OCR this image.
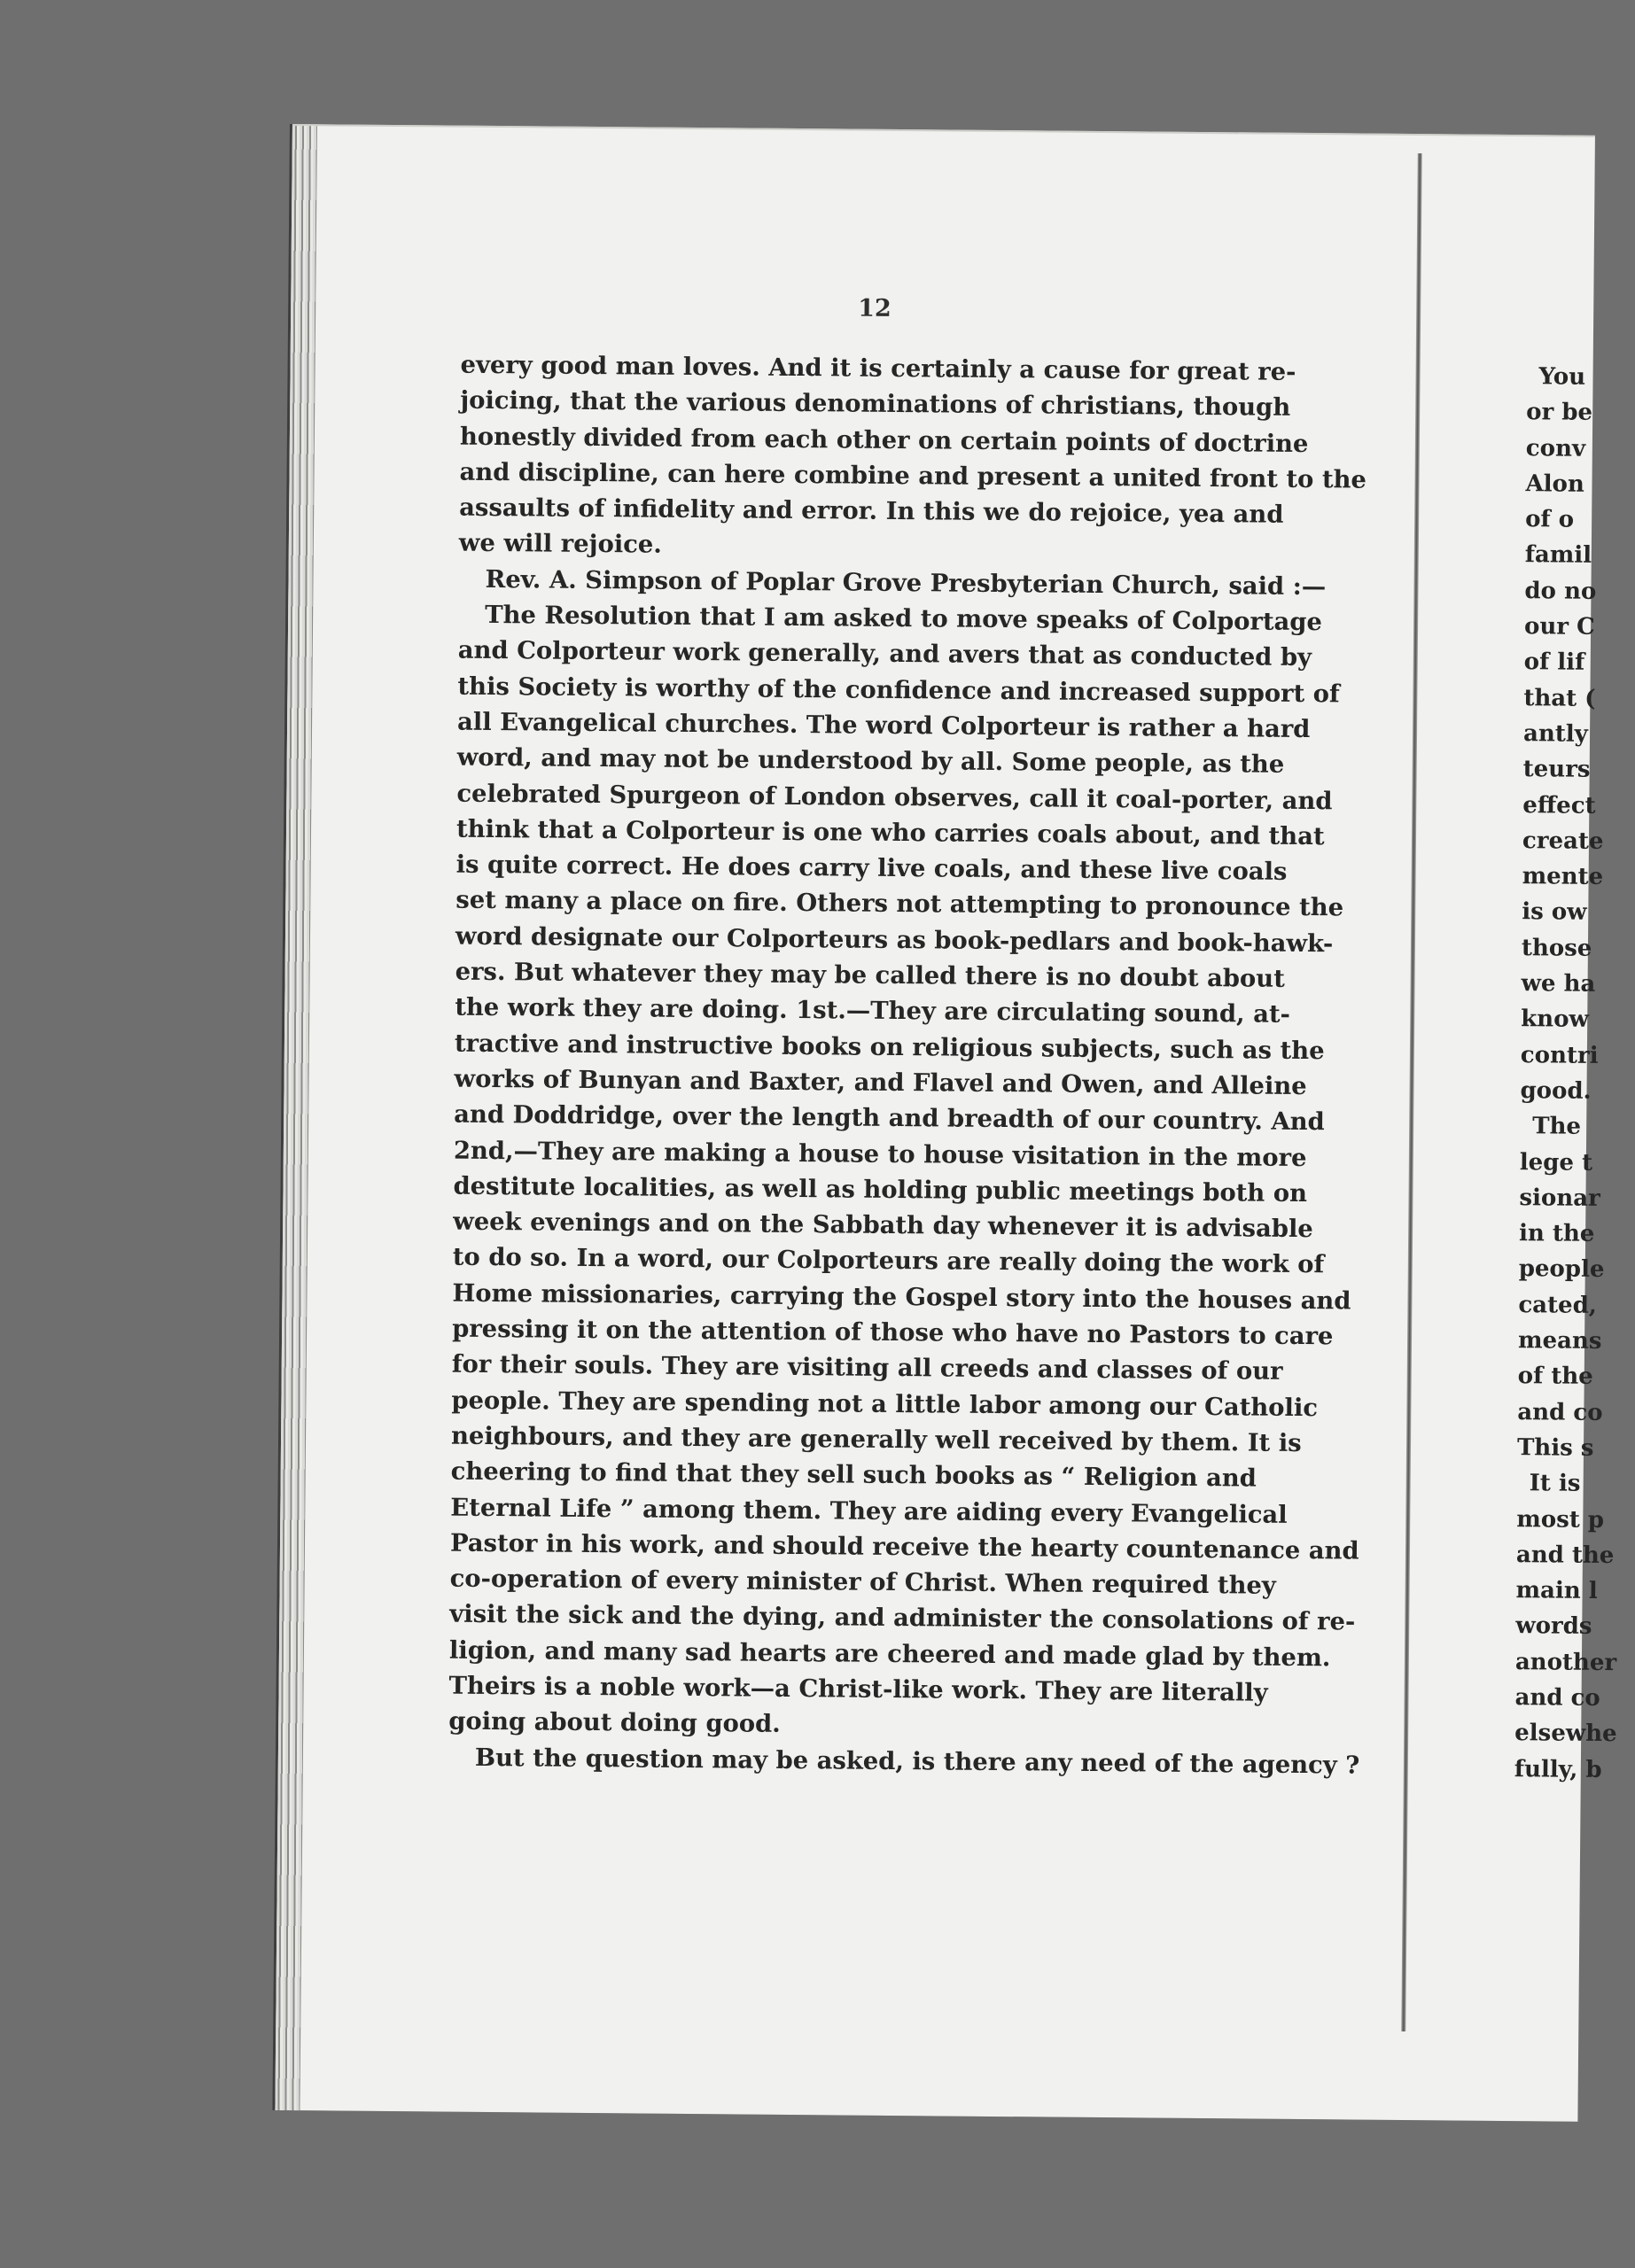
12
every good man loves. And it is certainly a cause for great re-
joicing, that the various denominations of christians, though
honestly divided from each other on certain points of doctrine
and discipline, can here combine and present a united front to the
assaults of infidelity and error. In this we do rejoice, yea and
we will rejoice.
Rev. A. Simpson of Poplar Grove Presbyterian Church, said :—
The Resolution that I am asked to move speaks of Colportage
and Colporteur work generally, and avers that as conducted by
this Society is worthy of the confidence and increased support of
all Evangelical churches. The word Colporteur is rather a hard
word, and may not be understood by all. Some people, as the
celebrated Spurgeon of London observes, call it coal-porter, and
think that a Colporteur is one who carries coals about, and that
is quite correct. He does carry live coals, and these live coals
set many a place on fire. Others not attempting to pronounce the
word designate our Colporteurs as book-pedlars and book-hawk-
ers. But whatever they may be called there is no doubt about
the work they are doing. 1st.—They are circulating sound, at-
tractive and instructive books on religious subjects, such as the
works of Bunyan and Baxter, and Flavel and Owen, and Alleine
and Doddridge, over the length and breadth of our country. And
2nd,—They are making a house to house visitation in the more
destitute localities, as well as holding public meetings both on
week evenings and on the Sabbath day whenever it is advisable
to do so. In a word, our Colporteurs are really doing the work of
Home missionaries, carrying the Gospel story into the houses and
pressing it on the attention of those who have no Pastors to care
for their souls. They are visiting all creeds and classes of our
people. They are spending not a little labor among our Catholic
neighbours, and they are generally well received by them. It is
cheering to find that they sell such books as “ Religion and
Eternal Life ” among them. They are aiding every Evangelical
Pastor in his work, and should receive the hearty countenance and
co-operation of every minister of Christ. When required they
visit the sick and the dying, and administer the consolations of re-
ligion, and many sad hearts are cheered and made glad by them.
Theirs is a noble work—a Christ-like work. They are literally
going about doing good.
But the question may be asked, is there any need of the agency ?
You
or be
conv
Alon
of o
famil
do no
our C
of lif
that (
antly
teurs
effect
create
mente
is ow
those
we ha
know
contri
good.
The
lege t
sionar
in the
people
cated,
means
of the
and co
This s
It is
most p
and the
main l
words
another
and co
elsewhe
fully, b
